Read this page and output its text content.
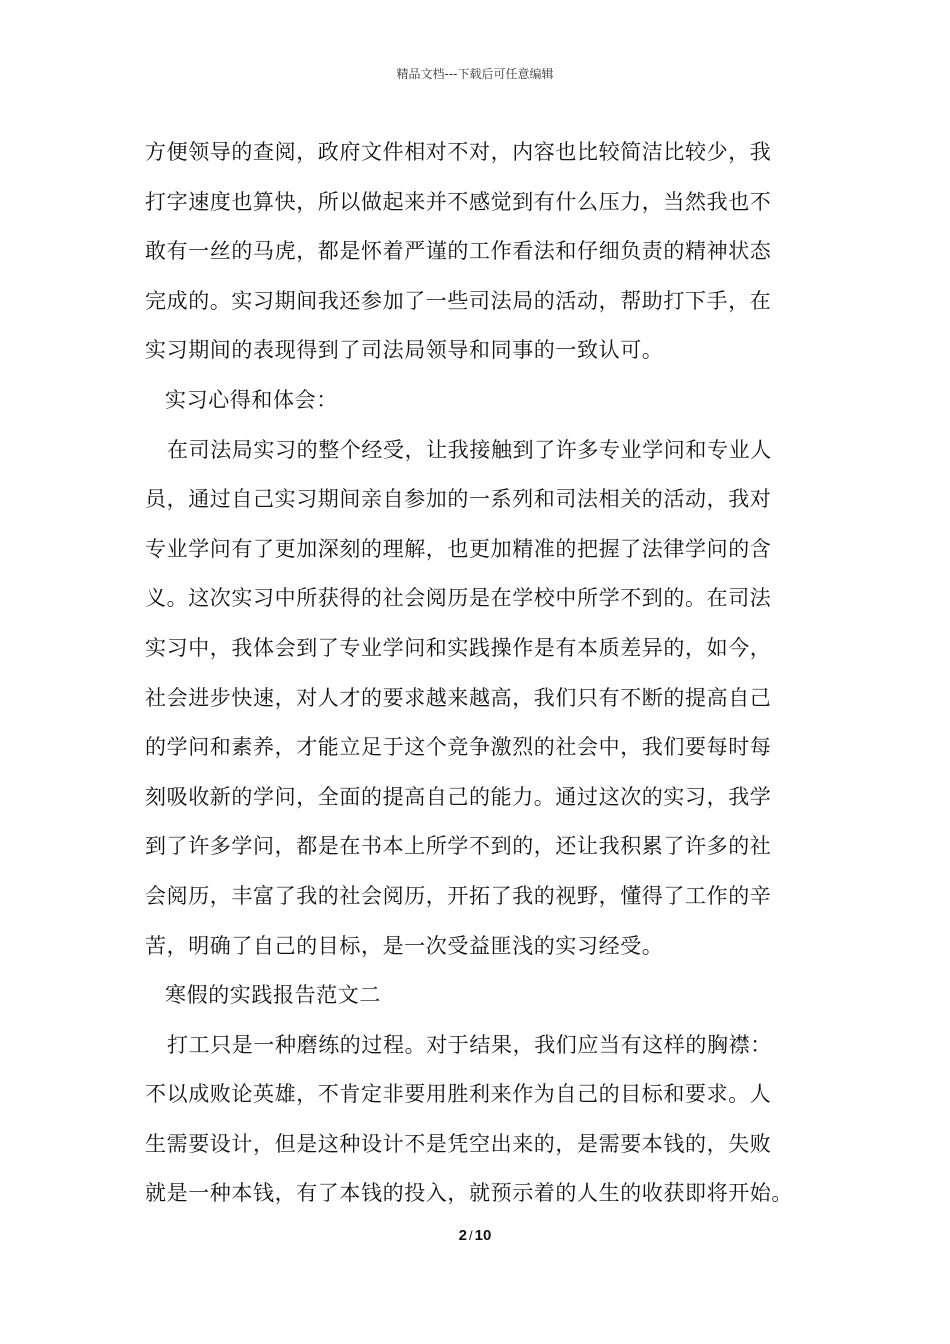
精品文档---下载后可任意编辑
方便领导的查阅，政府文件相对不对，内容也比较简洁比较少，我
打字速度也算快，所以做起来并不感觉到有什么压力，当然我也不
敢有一丝的马虎，都是怀着严谨的工作看法和仔细负责的精神状态
完成的。实习期间我还参加了一些司法局的活动，帮助打下手，在
实习期间的表现得到了司法局领导和同事的一致认可。
实习心得和体会：
在司法局实习的整个经受，让我接触到了许多专业学问和专业人
员，通过自己实习期间亲自参加的一系列和司法相关的活动，我对
专业学问有了更加深刻的理解，也更加精准的把握了法律学问的含
义。这次实习中所获得的社会阅历是在学校中所学不到的。在司法
实习中，我体会到了专业学问和实践操作是有本质差异的，如今，
社会进步快速，对人才的要求越来越高，我们只有不断的提高自己
的学问和素养，才能立足于这个竞争激烈的社会中，我们要每时每
刻吸收新的学问，全面的提高自己的能力。通过这次的实习，我学
到了许多学问，都是在书本上所学不到的，还让我积累了许多的社
会阅历，丰富了我的社会阅历，开拓了我的视野，懂得了工作的辛
苦，明确了自己的目标，是一次受益匪浅的实习经受。
寒假的实践报告范文二
打工只是一种磨练的过程。对于结果，我们应当有这样的胸襟：
不以成败论英雄，不肯定非要用胜利来作为自己的目标和要求。人
生需要设计，但是这种设计不是凭空出来的，是需要本钱的，失败
就是一种本钱，有了本钱的投入，就预示着的人生的收获即将开始。
2 / 10
